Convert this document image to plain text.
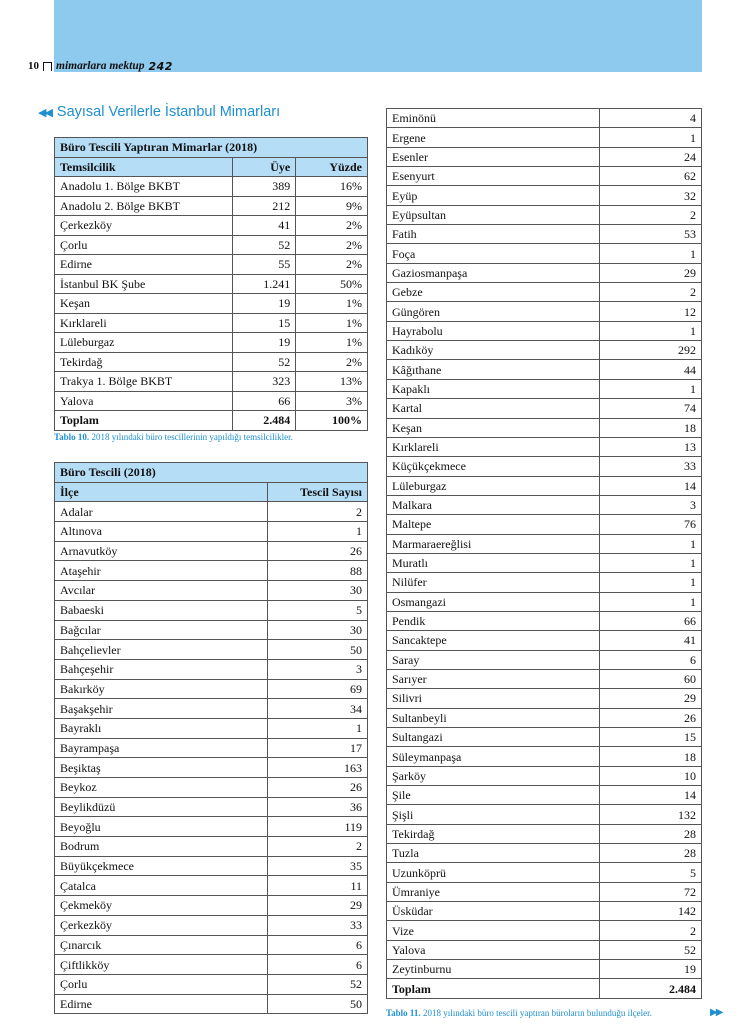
10 mimarlara mektup 242
◀◀ Sayısal Verilerle İstanbul Mimarları
Büro Tescili Yaptıran Mimarlar (2018)		
Temsilcilik	Üye	Yüzde
Anadolu 1. Bölge BKBT	389	16%
Anadolu 2. Bölge BKBT	212	9%
Çerkezköy	41	2%
Çorlu	52	2%
Edirne	55	2%
İstanbul BK Şube	1.241	50%
Keşan	19	1%
Kırklareli	15	1%
Lüleburgaz	19	1%
Tekirdağ	52	2%
Trakya 1. Bölge BKBT	323	13%
Yalova	66	3%
Toplam	2.484	100%
Tablo 10. 2018 yılındaki büro tescillerinin yapıldığı temsilcilikler.
Büro Tescili (2018)	
İlçe	Tescil Sayısı
Adalar	2
Altınova	1
Arnavutköy	26
Ataşehir	88
Avcılar	30
Babaeski	5
Bağcılar	30
Bahçelievler	50
Bahçeşehir	3
Bakırköy	69
Başakşehir	34
Bayraklı	1
Bayrampaşa	17
Beşiktaş	163
Beykoz	26
Beylikdüzü	36
Beyoğlu	119
Bodrum	2
Büyükçekmece	35
Çatalca	11
Çekmeköy	29
Çerkezköy	33
Çınarcık	6
Çiftlikköy	6
Çorlu	52
Edirne	50
Eminönü	4
Ergene	1
Esenler	24
Esenyurt	62
Eyüp	32
Eyüpsultan	2
Fatih	53
Foça	1
Gaziosmanpaşa	29
Gebze	2
Güngören	12
Hayrabolu	1
Kadıköy	292
Kâğıthane	44
Kapaklı	1
Kartal	74
Keşan	18
Kırklareli	13
Küçükçekmece	33
Lüleburgaz	14
Malkara	3
Maltepe	76
Marmaraereğlisi	1
Muratlı	1
Nilüfer	1
Osmangazi	1
Pendik	66
Sancaktepe	41
Saray	6
Sarıyer	60
Silivri	29
Sultanbeyli	26
Sultangazi	15
Süleymanpaşa	18
Şarköy	10
Şile	14
Şişli	132
Tekirdağ	28
Tuzla	28
Uzunköprü	5
Ümraniye	72
Üsküdar	142
Vize	2
Yalova	52
Zeytinburnu	19
Toplam	2.484
Tablo 11. 2018 yılındaki büro tescili yaptıran büroların bulunduğu ilçeler.	▶▶
